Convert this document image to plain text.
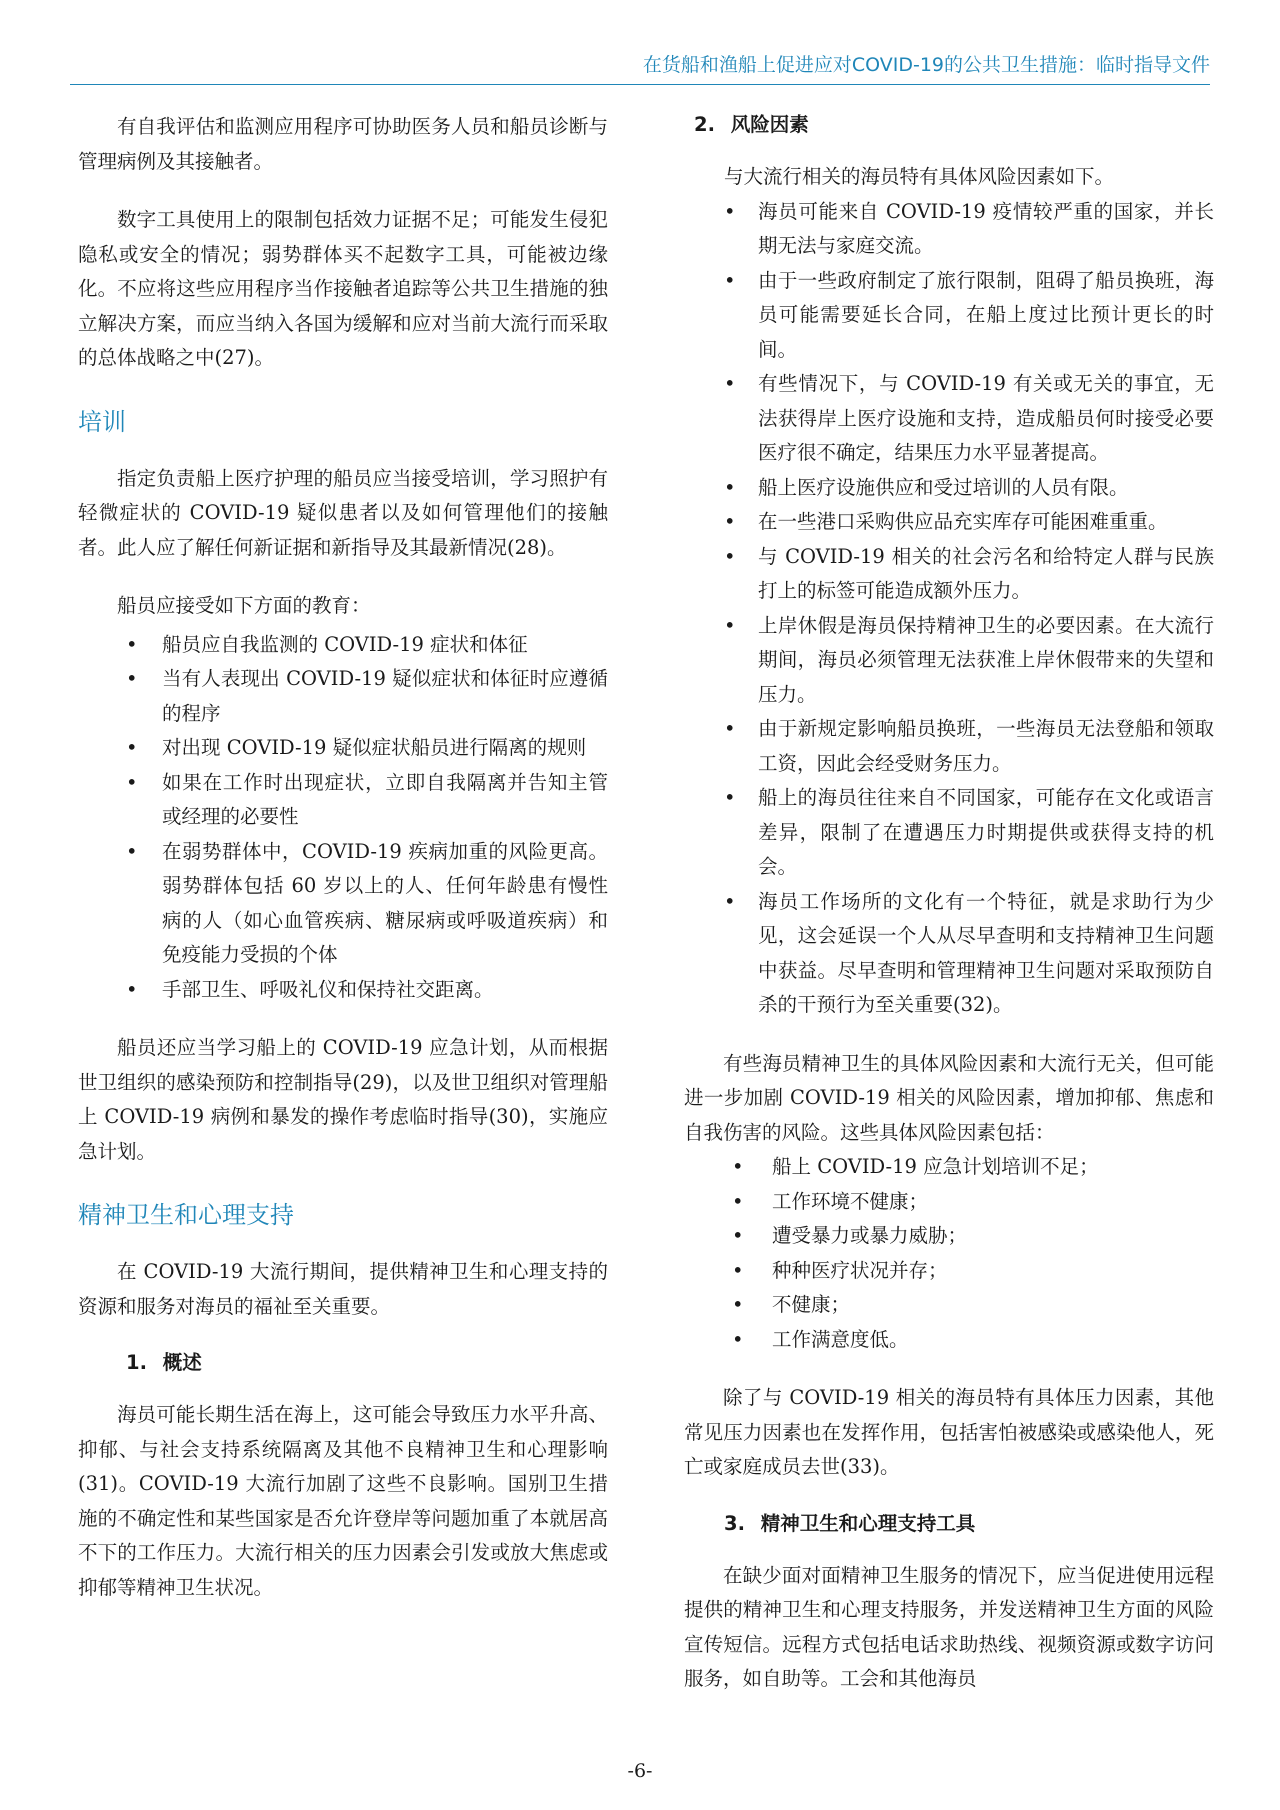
在货船和渔船上促进应对COVID-19的公共卫生措施：临时指导文件

有自我评估和监测应用程序可协助医务人员和船员诊断与管理病例及其接触者。

数字工具使用上的限制包括效力证据不足；可能发生侵犯隐私或安全的情况；弱势群体买不起数字工具，可能被边缘化。不应将这些应用程序当作接触者追踪等公共卫生措施的独立解决方案，而应当纳入各国为缓解和应对当前大流行而采取的总体战略之中(27)。

培训

指定负责船上医疗护理的船员应当接受培训，学习照护有轻微症状的 COVID-19 疑似患者以及如何管理他们的接触者。此人应了解任何新证据和新指导及其最新情况(28)。

船员应接受如下方面的教育：

• 船员应自我监测的 COVID-19 症状和体征
• 当有人表现出 COVID-19 疑似症状和体征时应遵循的程序
• 对出现 COVID-19 疑似症状船员进行隔离的规则
• 如果在工作时出现症状，立即自我隔离并告知主管或经理的必要性
• 在弱势群体中，COVID-19 疾病加重的风险更高。弱势群体包括 60 岁以上的人、任何年龄患有慢性病的人（如心血管疾病、糖尿病或呼吸道疾病）和免疫能力受损的个体
• 手部卫生、呼吸礼仪和保持社交距离。

船员还应当学习船上的 COVID-19 应急计划，从而根据世卫组织的感染预防和控制指导(29)，以及世卫组织对管理船上 COVID-19 病例和暴发的操作考虑临时指导(30)，实施应急计划。

精神卫生和心理支持

在 COVID-19 大流行期间，提供精神卫生和心理支持的资源和服务对海员的福祉至关重要。

1. 概述

海员可能长期生活在海上，这可能会导致压力水平升高、抑郁、与社会支持系统隔离及其他不良精神卫生和心理影响(31)。COVID-19 大流行加剧了这些不良影响。国别卫生措施的不确定性和某些国家是否允许登岸等问题加重了本就居高不下的工作压力。大流行相关的压力因素会引发或放大焦虑或抑郁等精神卫生状况。

2. 风险因素

与大流行相关的海员特有具体风险因素如下。

• 海员可能来自 COVID-19 疫情较严重的国家，并长期无法与家庭交流。
• 由于一些政府制定了旅行限制，阻碍了船员换班，海员可能需要延长合同，在船上度过比预计更长的时间。
• 有些情况下，与 COVID-19 有关或无关的事宜，无法获得岸上医疗设施和支持，造成船员何时接受必要医疗很不确定，结果压力水平显著提高。
• 船上医疗设施供应和受过培训的人员有限。
• 在一些港口采购供应品充实库存可能困难重重。
• 与 COVID-19 相关的社会污名和给特定人群与民族打上的标签可能造成额外压力。
• 上岸休假是海员保持精神卫生的必要因素。在大流行期间，海员必须管理无法获准上岸休假带来的失望和压力。
• 由于新规定影响船员换班，一些海员无法登船和领取工资，因此会经受财务压力。
• 船上的海员往往来自不同国家，可能存在文化或语言差异，限制了在遭遇压力时期提供或获得支持的机会。
• 海员工作场所的文化有一个特征，就是求助行为少见，这会延误一个人从尽早查明和支持精神卫生问题中获益。尽早查明和管理精神卫生问题对采取预防自杀的干预行为至关重要(32)。

有些海员精神卫生的具体风险因素和大流行无关，但可能进一步加剧 COVID-19 相关的风险因素，增加抑郁、焦虑和自我伤害的风险。这些具体风险因素包括：

• 船上 COVID-19 应急计划培训不足；
• 工作环境不健康；
• 遭受暴力或暴力威胁；
• 种种医疗状况并存；
• 不健康；
• 工作满意度低。

除了与 COVID-19 相关的海员特有具体压力因素，其他常见压力因素也在发挥作用，包括害怕被感染或感染他人，死亡或家庭成员去世(33)。

3. 精神卫生和心理支持工具

在缺少面对面精神卫生服务的情况下，应当促进使用远程提供的精神卫生和心理支持服务，并发送精神卫生方面的风险宣传短信。远程方式包括电话求助热线、视频资源或数字访问服务，如自助等。工会和其他海员

-6-
